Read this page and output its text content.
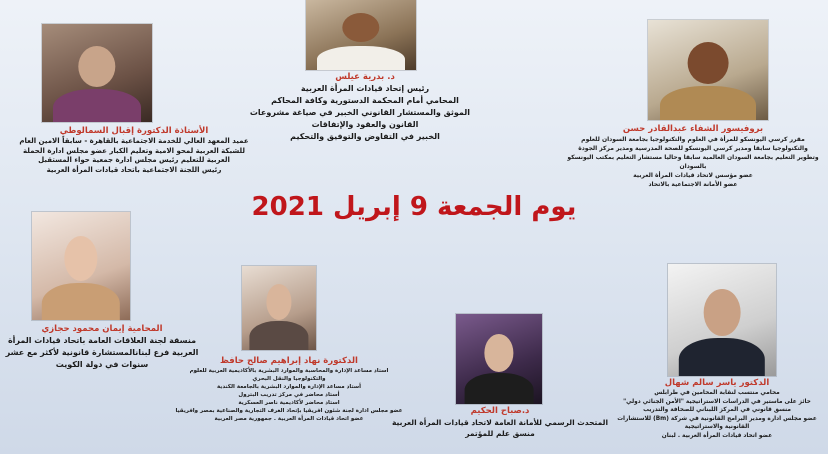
الأستاذة الدكتورة إقبال السمالوطي
عميد المعهد العالي للخدمة الاجتماعية بالقاهرة - سابقاً الامين العام
للشبكة العربية لمحو الامية وتعليم الكبار عضو مجلس ادارة الحملة
العربية للتعليم رئيس مجلس ادارة جمعية حواء المستقبل
رئيس اللجنة الاجتماعية باتحاد قيادات المرأة العربية
د. بدرية عيلس
رئيس إتحاد قيادات المرأة العربية
المحامي أمام المحكمة الدستورية وكافة المحاكم
الموثق والمستشار القانوني الخبير في صياغة مشروعات
القانون والعقود والإتفاقات
الخبير في التفاوض والتوفيق والتحكيم
بروفيسور الشفاء عبدالقادر حسن
مقرر كرسي اليونسكو للمرأة في العلوم والتكنولوجيا بجامعة السودان للعلوم
والتكنولوجيا سابقا ومدير كرسي اليونسكو للصحة المدرسية ومدير مركز الجودة
وتطوير التعليم بجامعة السودان العالمية سابقا وحاليا مستشار التعليم بمكتب اليونسكو
بالسودان
عضو مؤسس لاتحاد قيادات المرأة العربية
عضو الأمانة الاجتماعية بالاتحاد
يوم الجمعة 9 إبريل 2021
المحامية إيمان محمود حجازي
منسقة لجنة العلاقات العامة باتحاد قيادات المرأة
العربية فرع لبنانالمستشارة قانونية لأكثر مع عشر
سنوات في دولة الكويت	الدكتورة نهاد إبراهيم صالح حافظ
استاذ مساعد الإدارة والمحاسبة والموارد البشرية بالأكاديمية العربية للعلوم
والتكنولوجيا والنقل البحري
أستاذ مساعد الإدارة والموارد البشرية بالجامعة الكندية
أستاذ محاضر في مركز تدريب البترول
استاذ محاضر لأكاديمية ناصر العسكرية
عضو مجلس ادارة لجنة شئون افريقيا بإتحاد الغرف التجارية والصناعية بمصر وافريقيا
عضو اتحاد قيادات المرأة العربية . جمهورية مصر العربية
د.صباح الحكيم
المتحدث الرسمي للأمانة العامة لاتحاد قيادات المرأة العربية
منسق علم للمؤتمر
الدكتور ياسر سالم شهال
محامي منتسب لنقابة المحامين في طرابلس
حائز على ماستير في الدراسات الاستراتيجية "الأمن الجنائي دولي"
منسق قانوني في المركز اللبناني للصحافة والتدريب
عضو مجلس ادارة ومدير البرامج القانونية في شركة (Bm) للاستشارات
القانونية والاستراتيجية
عضو اتحاد قيادات المرأة العربية . لبنان
